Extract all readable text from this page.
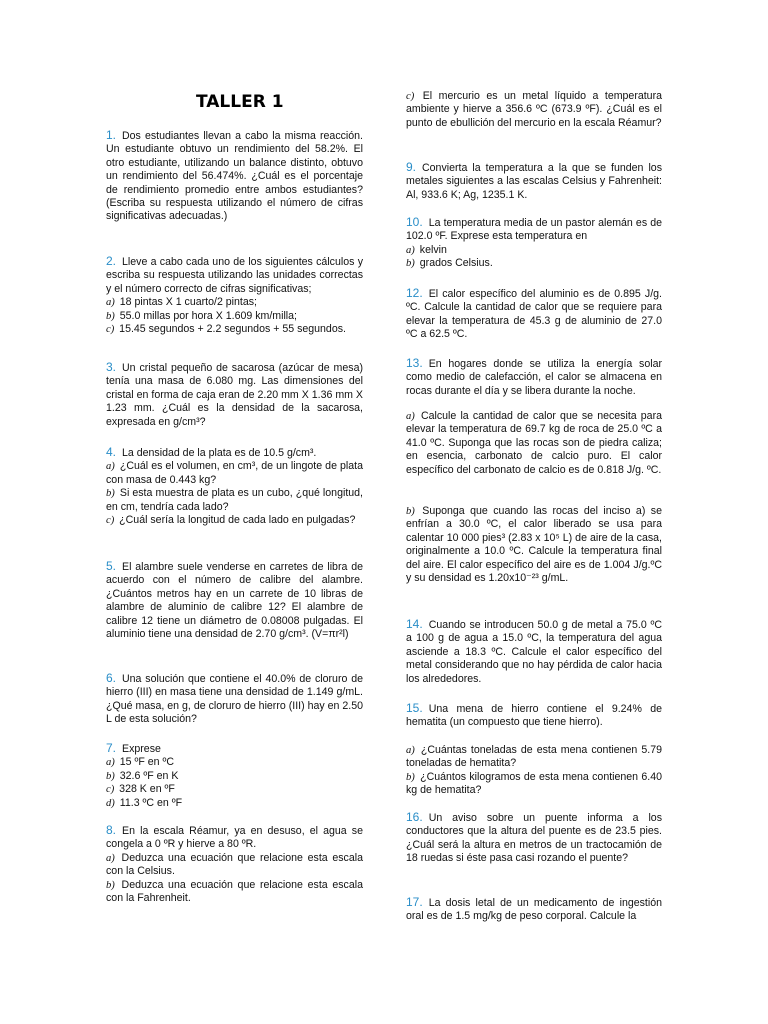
TALLER 1
1. Dos estudiantes llevan a cabo la misma reacción. Un estudiante obtuvo un rendimiento del 58.2%. El otro estudiante, utilizando un balance distinto, obtuvo un rendimiento del 56.474%. ¿Cuál es el porcentaje de rendimiento promedio entre ambos estudiantes? (Escriba su respuesta utilizando el número de cifras significativas adecuadas.)
2. Lleve a cabo cada uno de los siguientes cálculos y escriba su respuesta utilizando las unidades correctas y el número correcto de cifras significativas;
a) 18 pintas X 1 cuarto/2 pintas;
b) 55.0 millas por hora X 1.609 km/milla;
c) 15.45 segundos + 2.2 segundos + 55 segundos.
3. Un cristal pequeño de sacarosa (azúcar de mesa) tenía una masa de 6.080 mg. Las dimensiones del cristal en forma de caja eran de 2.20 mm X 1.36 mm X 1.23 mm. ¿Cuál es la densidad de la sacarosa, expresada en g/cm³?
4. La densidad de la plata es de 10.5 g/cm³.
a) ¿Cuál es el volumen, en cm³, de un lingote de plata con masa de 0.443 kg?
b) Si esta muestra de plata es un cubo, ¿qué longitud, en cm, tendría cada lado?
c) ¿Cuál sería la longitud de cada lado en pulgadas?
5. El alambre suele venderse en carretes de libra de acuerdo con el número de calibre del alambre. ¿Cuántos metros hay en un carrete de 10 libras de alambre de aluminio de calibre 12? El alambre de calibre 12 tiene un diámetro de 0.08008 pulgadas. El aluminio tiene una densidad de 2.70 g/cm³. (V=πr²l)
6. Una solución que contiene el 40.0% de cloruro de hierro (III) en masa tiene una densidad de 1.149 g/mL. ¿Qué masa, en g, de cloruro de hierro (III) hay en 2.50 L de esta solución?
7. Exprese
a) 15 ºF en ºC
b) 32.6 ºF en K
c) 328 K en ºF
d) 11.3 ºC en ºF
8. En la escala Réamur, ya en desuso, el agua se congela a 0 ºR y hierve a 80 ºR.
a) Deduzca una ecuación que relacione esta escala con la Celsius.
b) Deduzca una ecuación que relacione esta escala con la Fahrenheit.
c) El mercurio es un metal líquido a temperatura ambiente y hierve a 356.6 ºC (673.9 ºF). ¿Cuál es el punto de ebullición del mercurio en la escala Réamur?
9. Convierta la temperatura a la que se funden los metales siguientes a las escalas Celsius y Fahrenheit: Al, 933.6 K; Ag, 1235.1 K.
10. La temperatura media de un pastor alemán es de 102.0 ºF. Exprese esta temperatura en
a) kelvin
b) grados Celsius.
12. El calor específico del aluminio es de 0.895 J/g. ºC. Calcule la cantidad de calor que se requiere para elevar la temperatura de 45.3 g de aluminio de 27.0 ºC a 62.5 ºC.
13. En hogares donde se utiliza la energía solar como medio de calefacción, el calor se almacena en rocas durante el día y se libera durante la noche.
a) Calcule la cantidad de calor que se necesita para elevar la temperatura de 69.7 kg de roca de 25.0 ºC a 41.0 ºC. Suponga que las rocas son de piedra caliza; en esencia, carbonato de calcio puro. El calor específico del carbonato de calcio es de 0.818 J/g. ºC.
b) Suponga que cuando las rocas del inciso a) se enfrían a 30.0 ºC, el calor liberado se usa para calentar 10 000 pies³ (2.83 x 10⁵ L) de aire de la casa, originalmente a 10.0 ºC. Calcule la temperatura final del aire. El calor específico del aire es de 1.004 J/g.ºC y su densidad es 1.20x10⁻²³ g/mL.
14. Cuando se introducen 50.0 g de metal a 75.0 ºC a 100 g de agua a 15.0 ºC, la temperatura del agua asciende a 18.3 ºC. Calcule el calor específico del metal considerando que no hay pérdida de calor hacia los alrededores.
15. Una mena de hierro contiene el 9.24% de hematita (un compuesto que tiene hierro).
a) ¿Cuántas toneladas de esta mena contienen 5.79 toneladas de hematita?
b) ¿Cuántos kilogramos de esta mena contienen 6.40 kg de hematita?
16. Un aviso sobre un puente informa a los conductores que la altura del puente es de 23.5 pies. ¿Cuál será la altura en metros de un tractocamión de 18 ruedas si éste pasa casi rozando el puente?
17. La dosis letal de un medicamento de ingestión oral es de 1.5 mg/kg de peso corporal. Calcule la
